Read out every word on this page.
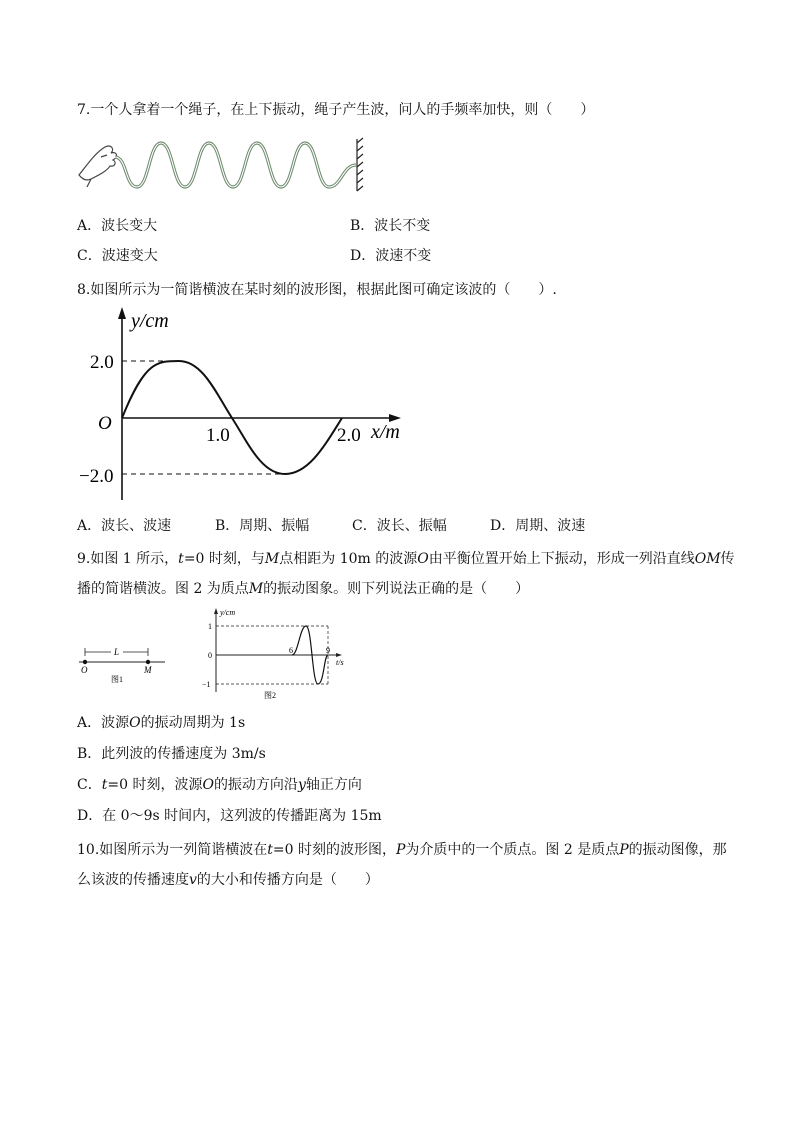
7.一个人拿着一个绳子，在上下振动，绳子产生波，问人的手频率加快，则（　　）
A．波长变大	B．波长不变
C．波速变大	D．波速不变
8.如图所示为一简谐横波在某时刻的波形图，根据此图可确定该波的（　　）.
y/cm
2.0
O
1.0	2.0 x/m
−2.0
A．波长、波速	B．周期、振幅	C．波长、振幅	D．周期、波速
9.如图 1 所示，t=0 时刻，与M点相距为 10m 的波源O由平衡位置开始上下振动，形成一列沿直线OM传
播的简谐横波。图 2 为质点M的振动图象。则下列说法正确的是（　　）
L
O	M
图1
y/cm
1
0
−1
6	9
t/s
图2
A．波源O的振动周期为 1s
B．此列波的传播速度为 3m/s
C．t=0 时刻，波源O的振动方向沿y轴正方向
D．在 0～9s 时间内，这列波的传播距离为 15m
10.如图所示为一列简谐横波在t=0 时刻的波形图，P为介质中的一个质点。图 2 是质点P的振动图像，那
么该波的传播速度v的大小和传播方向是（　　）
